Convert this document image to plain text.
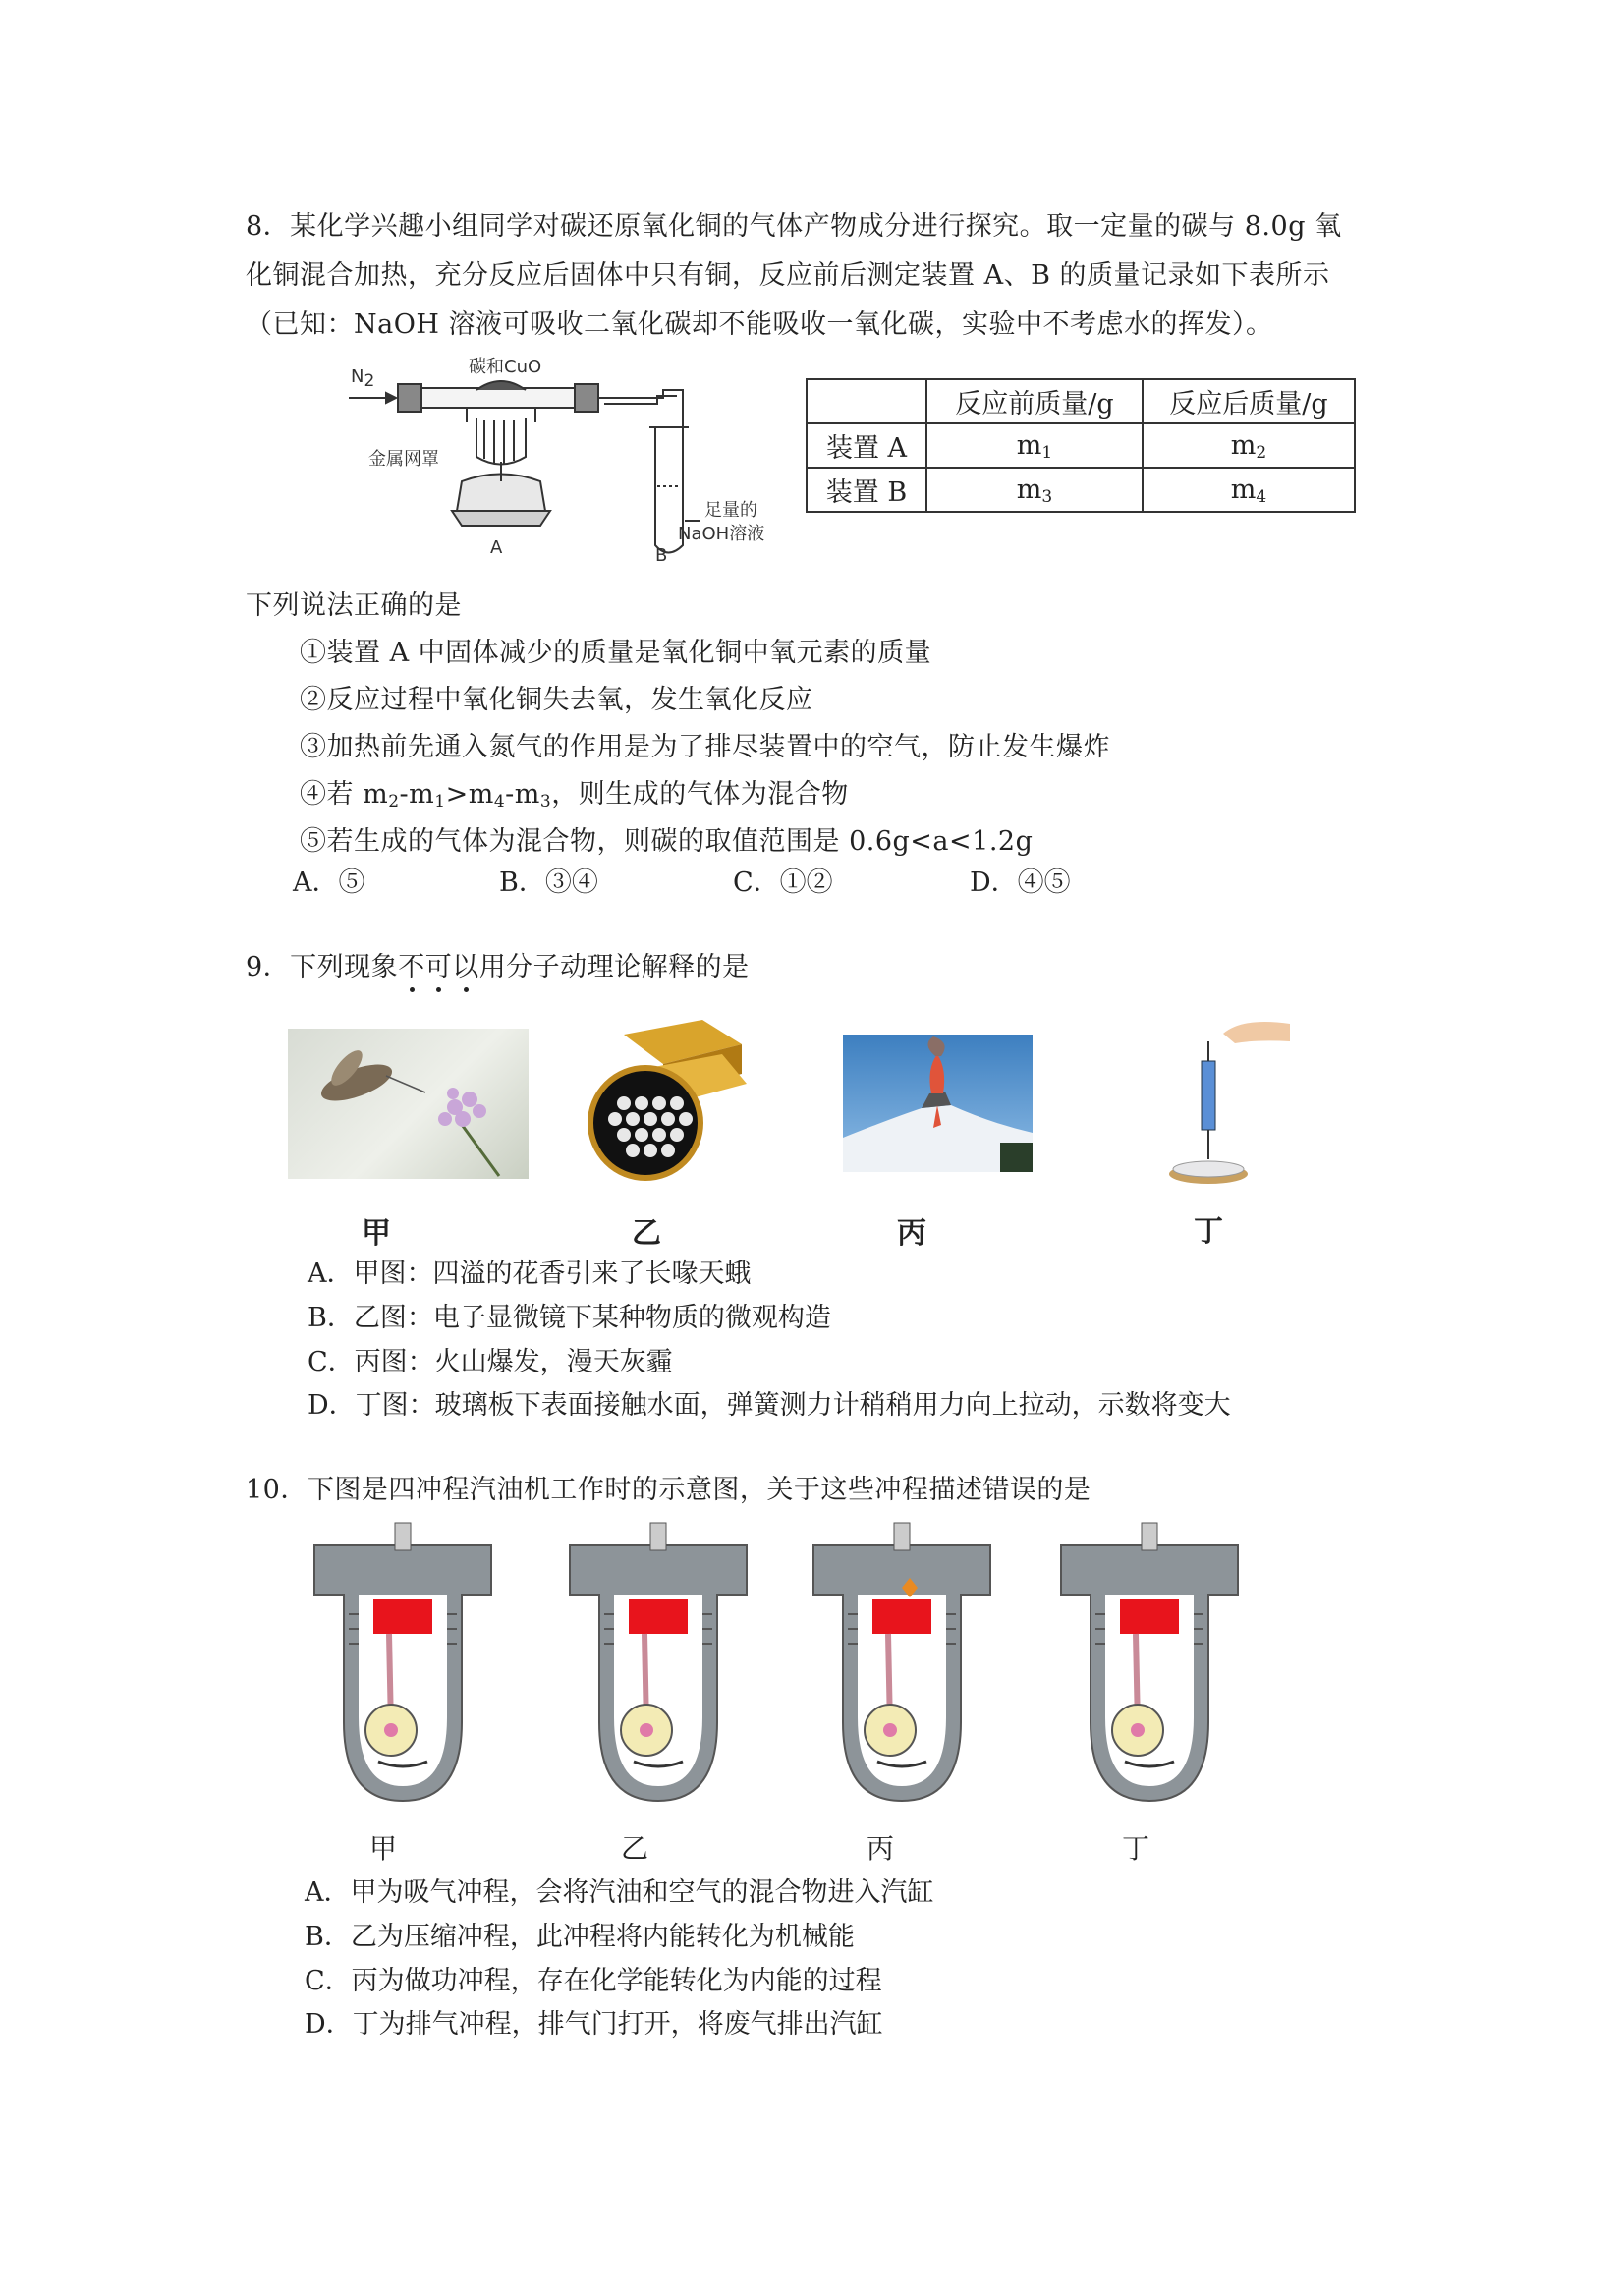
8．某化学兴趣小组同学对碳还原氧化铜的气体产物成分进行探究。取一定量的碳与 8.0g 氧
化铜混合加热，充分反应后固体中只有铜，反应前后测定装置 A、B 的质量记录如下表所示
（已知：NaOH 溶液可吸收二氧化碳却不能吸收一氧化碳，实验中不考虑水的挥发）。
$N_2$
碳和CuO
金属网罩
足量的
NaOH溶液
A	B
	反应前质量/g	反应后质量/g
装置 A	$m_1$	$m_2$
装置 B	$m_3$	$m_4$
下列说法正确的是
①装置 A 中固体减少的质量是氧化铜中氧元素的质量
②反应过程中氧化铜失去氧，发生氧化反应
③加热前先通入氮气的作用是为了排尽装置中的空气，防止发生爆炸
④若 $m_2-m_1>m_4-m_3$，则生成的气体为混合物
⑤若生成的气体为混合物，则碳的取值范围是 0.6g<a<1.2g
A．⑤	B．③④	C．①②	D．④⑤
9．下列现象不
可
以
用分子动理论解释的是
甲	乙	丙	丁
A．甲图：四溢的花香引来了长喙天蛾
B．乙图：电子显微镜下某种物质的微观构造
C．丙图：火山爆发，漫天灰霾
D．丁图：玻璃板下表面接触水面，弹簧测力计稍稍用力向上拉动，示数将变大
10．下图是四冲程汽油机工作时的示意图，关于这些冲程描述错误的是
甲	乙	丙	丁
A．甲为吸气冲程，会将汽油和空气的混合物进入汽缸
B．乙为压缩冲程，此冲程将内能转化为机械能
C．丙为做功冲程，存在化学能转化为内能的过程
D．丁为排气冲程，排气门打开，将废气排出汽缸
